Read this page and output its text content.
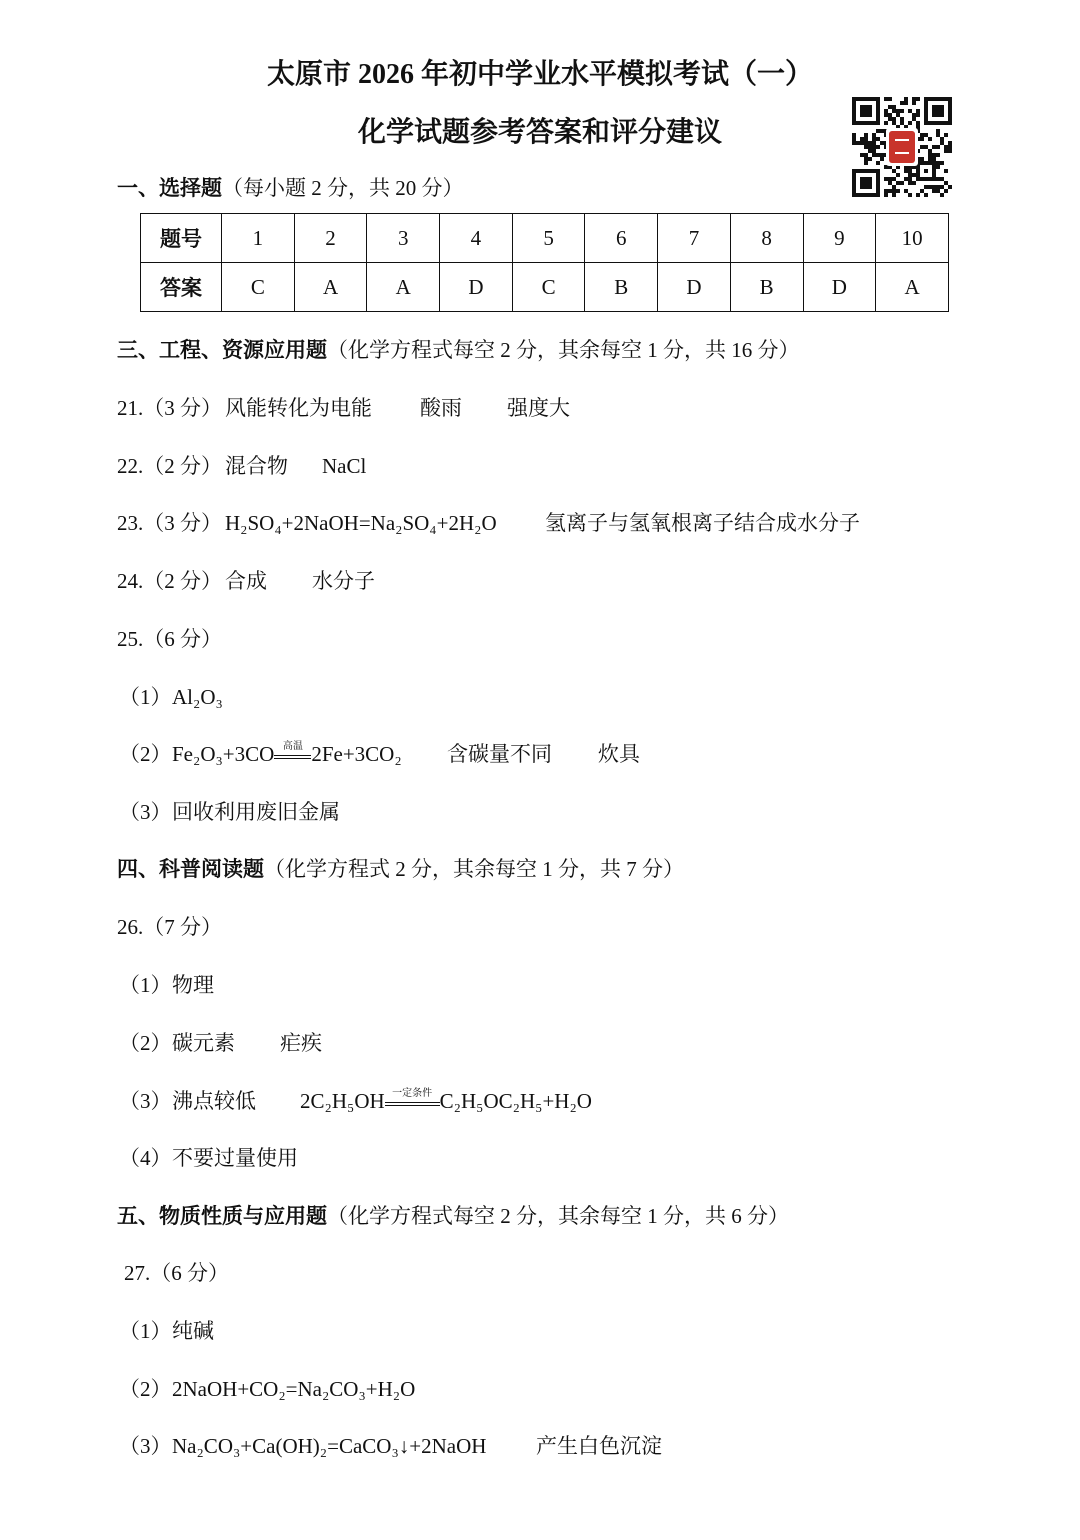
太原市 2026 年初中学业水平模拟考试（一）
化学试题参考答案和评分建议
一、选择题（每小题 2 分，共 20 分）
题号	1	2	3	4	5	6	7	8	9	10
答案	C	A	A	D	C	B	D	B	D	A
三、工程、资源应用题（化学方程式每空 2 分，其余每空 1 分，共 16 分）
21.（3 分） 风能转化为电能 酸雨 强度大
22.（2 分） 混合物 NaCl
23.（3 分） H₂SO₄+2NaOH=Na₂SO₄+2H₂O 氢离子与氢氧根离子结合成水分子
24.（2 分） 合成 水分子
25.（6 分）
（1） Al₂O₃
（2） Fe₂O₃+3CO 高温 2Fe+3CO₂ 含碳量不同 炊具
（3） 回收利用废旧金属
四、科普阅读题（化学方程式 2 分，其余每空 1 分，共 7 分）
26.（7 分）
（1） 物理
（2） 碳元素 疟疾
（3） 沸点较低 2C₂H₅OH 一定条件 C₂H₅OC₂H₅+H₂O
（4） 不要过量使用
五、物质性质与应用题（化学方程式每空 2 分，其余每空 1 分，共 6 分）
27.（6 分）
（1） 纯碱
（2） 2NaOH+CO₂=Na₂CO₃+H₂O
（3） Na₂CO₃+Ca(OH)₂=CaCO₃↓+2NaOH 产生白色沉淀
